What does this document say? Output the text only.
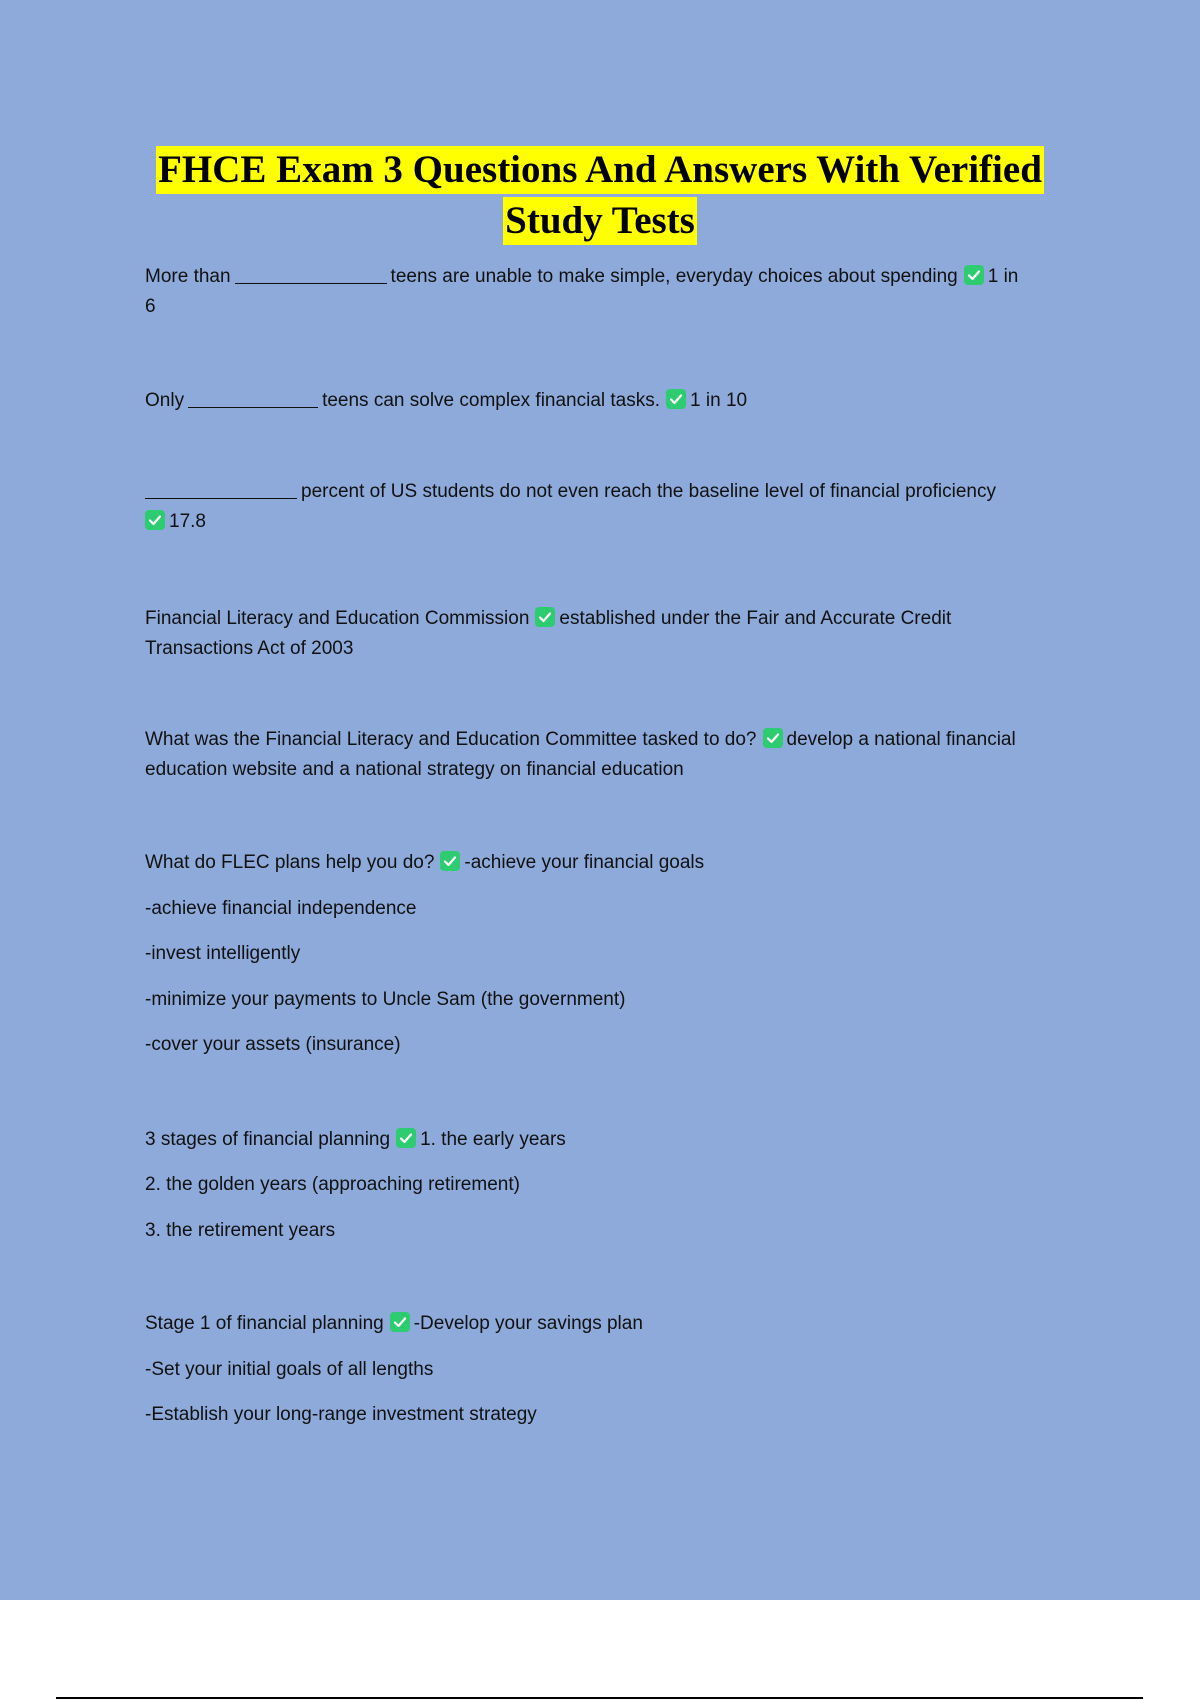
FHCE Exam 3 Questions And Answers With Verified
Study Tests
More than	teens are unable to make simple, everyday choices about spending 1 in
6
Only	teens can solve complex financial tasks. 1 in 10
percent of US students do not even reach the baseline level of financial proficiency
17.8
Financial Literacy and Education Commission established under the Fair and Accurate Credit
Transactions Act of 2003
What was the Financial Literacy and Education Committee tasked to do? develop a national financial
education website and a national strategy on financial education
What do FLEC plans help you do? -achieve your financial goals
-achieve financial independence
-invest intelligently
-minimize your payments to Uncle Sam (the government)
-cover your assets (insurance)
3 stages of financial planning 1. the early years
2. the golden years (approaching retirement)
3. the retirement years
Stage 1 of financial planning -Develop your savings plan
-Set your initial goals of all lengths
-Establish your long-range investment strategy
